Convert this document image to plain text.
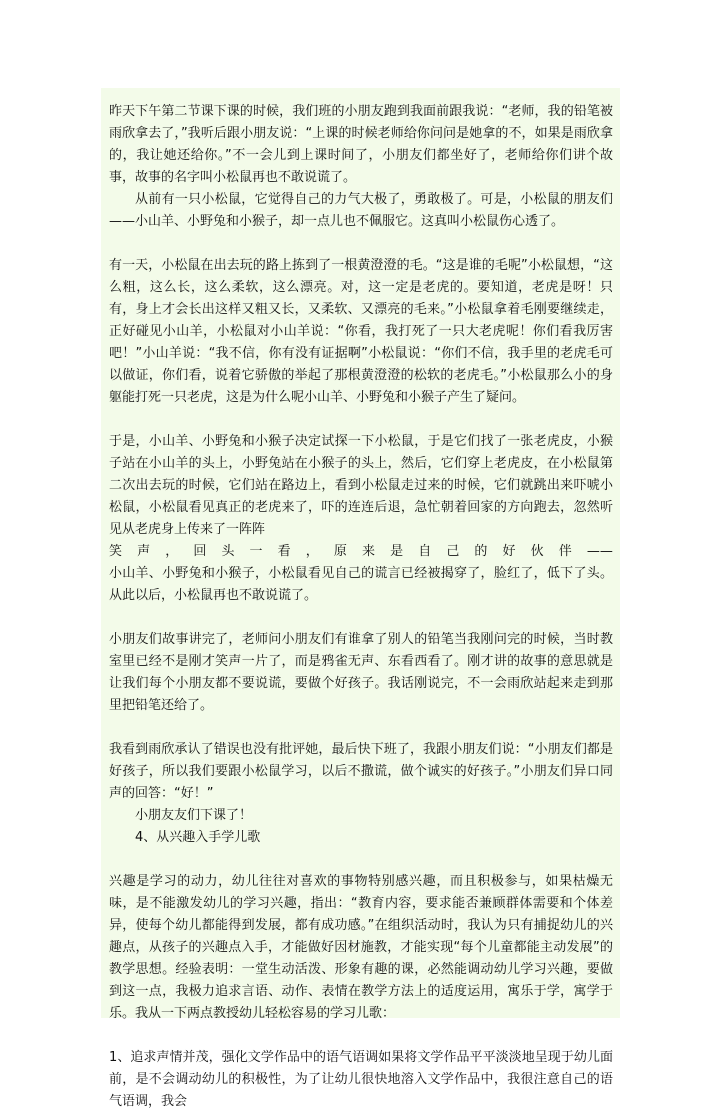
昨天下午第二节课下课的时候，我们班的小朋友跑到我面前跟我说：“老师，我的铅笔被雨欣拿去了，”我听后跟小朋友说：“上课的时候老师给你问问是她拿的不，如果是雨欣拿的，我让她还给你。”不一会儿到上课时间了，小朋友们都坐好了，老师给你们讲个故事，故事的名字叫小松鼠再也不敢说谎了。

从前有一只小松鼠，它觉得自己的力气大极了，勇敢极了。可是，小松鼠的朋友们——小山羊、小野兔和小猴子，却一点儿也不佩服它。这真叫小松鼠伤心透了。

有一天，小松鼠在出去玩的路上拣到了一根黄澄澄的毛。“这是谁的毛呢”小松鼠想，“这么粗，这么长，这么柔软，这么漂亮。对，这一定是老虎的。要知道，老虎是呀！只有，身上才会长出这样又粗又长，又柔软、又漂亮的毛来。”小松鼠拿着毛刚要继续走，正好碰见小山羊，小松鼠对小山羊说：“你看，我打死了一只大老虎呢！你们看我厉害吧！”小山羊说：“我不信，你有没有证据啊”小松鼠说：“你们不信，我手里的老虎毛可以做证，你们看，说着它骄傲的举起了那根黄澄澄的松软的老虎毛。”小松鼠那么小的身躯能打死一只老虎，这是为什么呢小山羊、小野兔和小猴子产生了疑问。

于是，小山羊、小野兔和小猴子决定试探一下小松鼠，于是它们找了一张老虎皮，小猴子站在小山羊的头上，小野兔站在小猴子的头上，然后，它们穿上老虎皮，在小松鼠第二次出去玩的时候，它们站在路边上，看到小松鼠走过来的时候，它们就跳出来吓唬小松鼠，小松鼠看见真正的老虎来了，吓的连连后退，急忙朝着回家的方向跑去，忽然听见从老虎身上传来了一阵阵

笑 声 ， 回 头 一 看 ， 原 来 是 自 己 的 好 伙 伴 ——

小山羊、小野兔和小猴子，小松鼠看见自己的谎言已经被揭穿了，脸红了，低下了头。从此以后，小松鼠再也不敢说谎了。

小朋友们故事讲完了，老师问小朋友们有谁拿了别人的铅笔当我刚问完的时候，当时教室里已经不是刚才笑声一片了，而是鸦雀无声、东看西看了。刚才讲的故事的意思就是让我们每个小朋友都不要说谎，要做个好孩子。我话刚说完，不一会雨欣站起来走到那里把铅笔还给了。

我看到雨欣承认了错误也没有批评她，最后快下班了，我跟小朋友们说：“小朋友们都是好孩子，所以我们要跟小松鼠学习，以后不撒谎，做个诚实的好孩子。”小朋友们异口同声的回答：“好！”

小朋友友们下课了！

4、从兴趣入手学儿歌

兴趣是学习的动力，幼儿往往对喜欢的事物特别感兴趣，而且积极参与，如果枯燥无味，是不能激发幼儿的学习兴趣，指出：“教育内容，要求能否兼顾群体需要和个体差异，使每个幼儿都能得到发展，都有成功感。”在组织活动时，我认为只有捕捉幼儿的兴趣点，从孩子的兴趣点入手，才能做好因材施教，才能实现“每个儿童都能主动发展”的教学思想。经验表明：一堂生动活泼、形象有趣的课，必然能调动幼儿学习兴趣，要做到这一点，我极力追求言语、动作、表情在教学方法上的适度运用，寓乐于学，寓学于乐。我从一下两点教授幼儿轻松容易的学习儿歌：

1、追求声情并茂，强化文学作品中的语气语调如果将文学作品平平淡淡地呈现于幼儿面前，是不会调动幼儿的积极性，为了让幼儿很快地溶入文学作品中，我很注意自己的语气语调，我会
